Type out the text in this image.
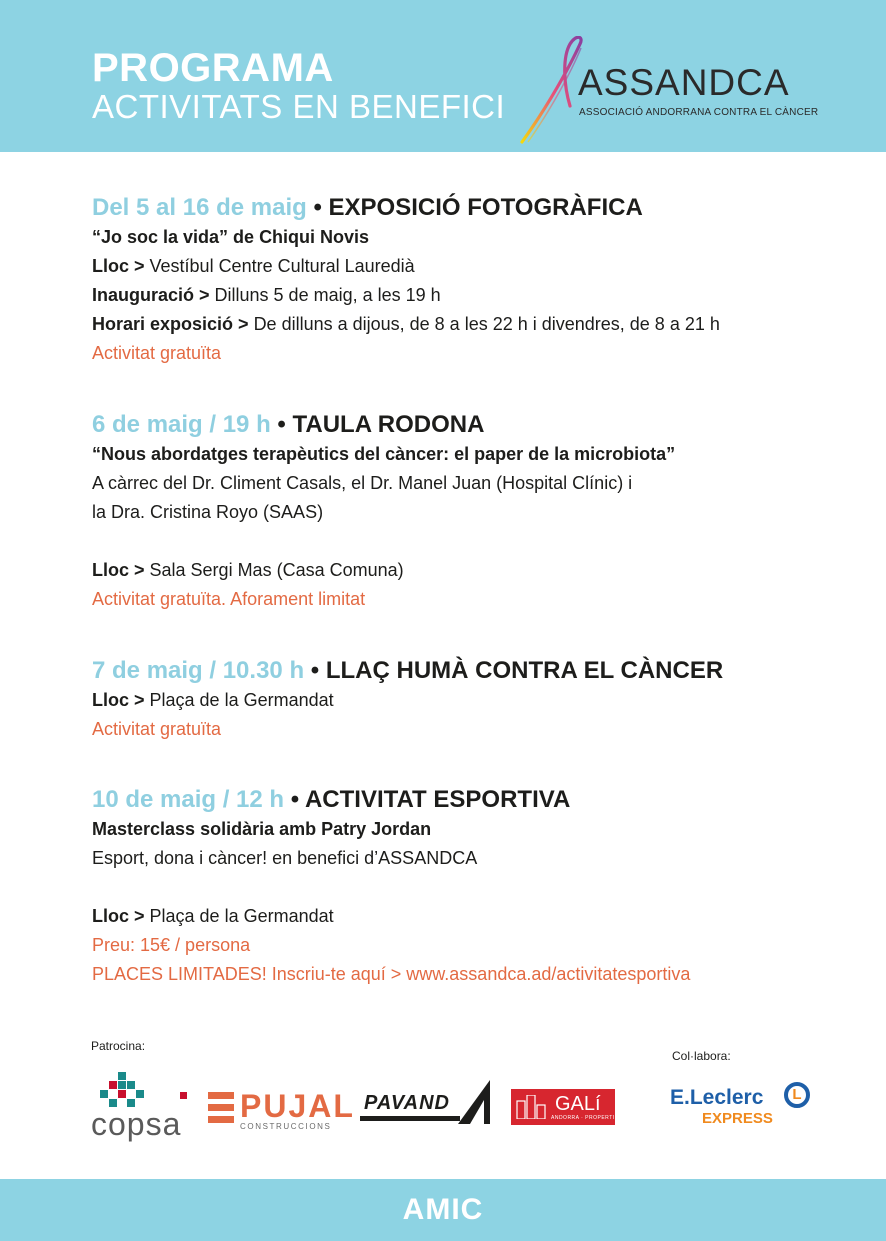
PROGRAMA
ACTIVITATS EN BENEFICI
ASSANDCA
ASSOCIACIÓ ANDORRANA CONTRA EL CÀNCER
Del 5 al 16 de maig • EXPOSICIÓ FOTOGRÀFICA
“Jo soc la vida” de Chiqui Novis
Lloc > Vestíbul Centre Cultural Lauredià
Inauguració > Dilluns 5 de maig, a les 19 h
Horari exposició > De dilluns a dijous, de 8 a les 22 h i divendres, de 8 a 21 h
Activitat gratuïta
6 de maig / 19 h • TAULA RODONA
“Nous abordatges terapèutics del càncer: el paper de la microbiota”
A càrrec del Dr. Climent Casals, el Dr. Manel Juan (Hospital Clínic) i
la Dra. Cristina Royo (SAAS)
Lloc > Sala Sergi Mas (Casa Comuna)
Activitat gratuïta. Aforament limitat
7 de maig / 10.30 h • LLAÇ HUMÀ CONTRA EL CÀNCER
Lloc > Plaça de la Germandat
Activitat gratuïta
10 de maig / 12 h • ACTIVITAT ESPORTIVA
Masterclass solidària amb Patry Jordan
Esport, dona i càncer! en benefici d’ASSANDCA
Lloc > Plaça de la Germandat
Preu: 15€ / persona
PLACES LIMITADES! Inscriu-te aquí > www.assandca.ad/activitatesportiva
Patrocina:
Col·labora:
copsa PUJAL
CONSTRUCCIONS
PAVAND	GALí
ANDORRA · PROPERTIES
E.Leclerc L
EXPRESS
AMIC
